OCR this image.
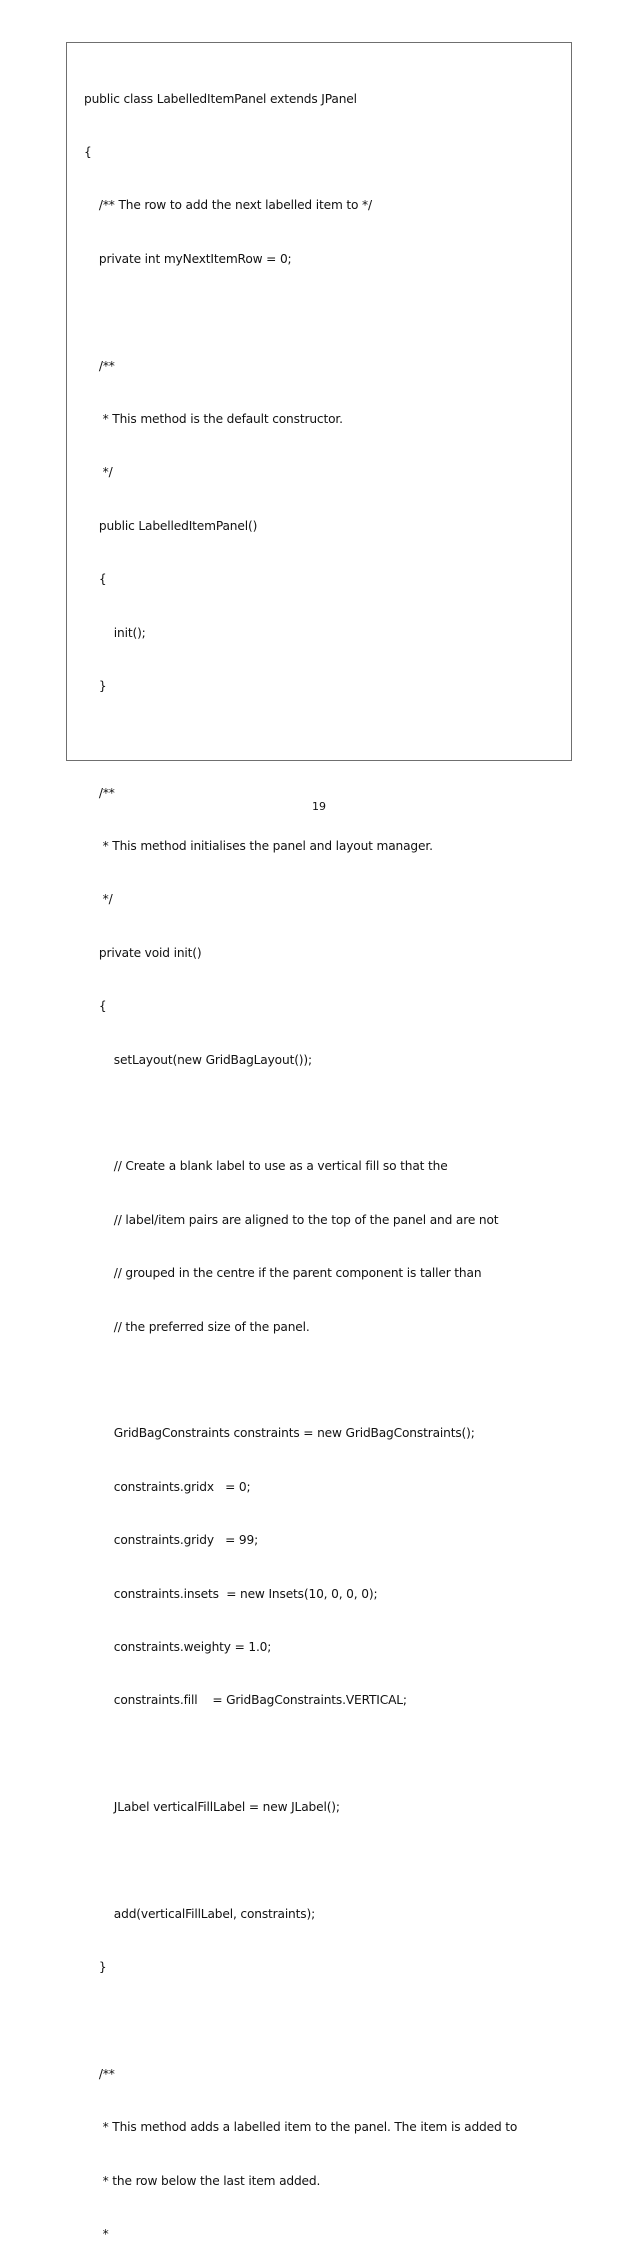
public class LabelledItemPanel extends JPanel

{

/** The row to add the next labelled item to */

private int myNextItemRow = 0;

/**

* This method is the default constructor.

*/

public LabelledItemPanel()

{

init();

}

/**

* This method initialises the panel and layout manager.

*/

private void init()

{

setLayout(new GridBagLayout());

// Create a blank label to use as a vertical fill so that the

// label/item pairs are aligned to the top of the panel and are not

// grouped in the centre if the parent component is taller than

// the preferred size of the panel.

GridBagConstraints constraints = new GridBagConstraints();

constraints.gridx   = 0;

constraints.gridy   = 99;

constraints.insets  = new Insets(10, 0, 0, 0);

constraints.weighty = 1.0;

constraints.fill    = GridBagConstraints.VERTICAL;

JLabel verticalFillLabel = new JLabel();

add(verticalFillLabel, constraints);

}

/**

* This method adds a labelled item to the panel. The item is added to

* the row below the last item added.

*

19
